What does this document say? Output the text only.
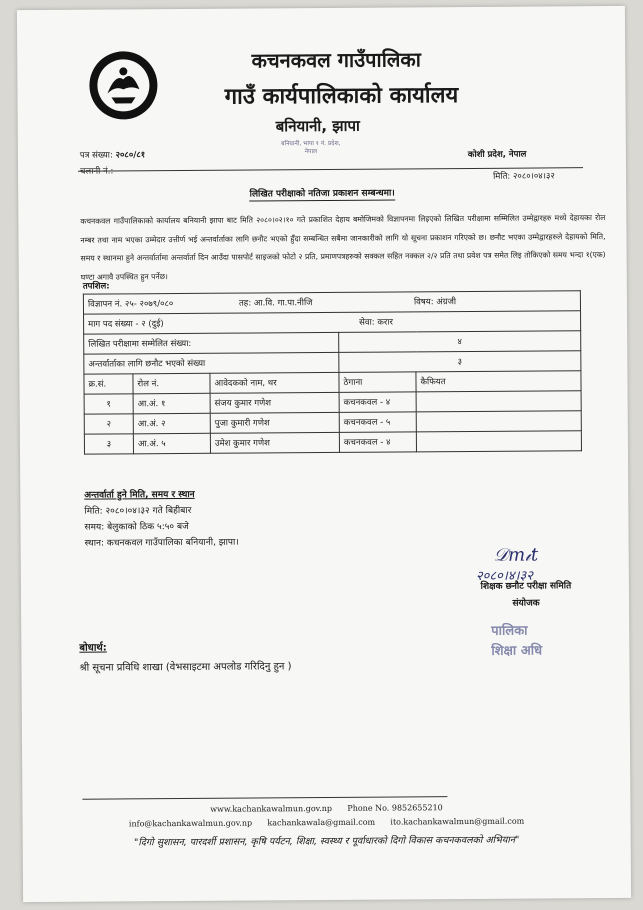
कचनकवल गाउँपालिका
गाउँ कार्यपालिकाको कार्यालय
बनियानी, झापा
बनियानी, भापा १ नं. प्रदेश, नेपाल
पत्र संख्या: २०८०/८१
चलानी नं.:
कोशी प्रदेश, नेपाल
मिति: २०८०।०४।३२
लिखित परीक्षाको नतिजा प्रकाशन सम्बन्धमा।
कचनकवल गाउँपालिकाको कार्यालय बनियानी झापा बाट मिति २०८०।०२।१० गते प्रकाशित देहाय बमोजिमको विज्ञापनमा लिइएको लिखित परीक्षामा सम्मिलित उम्मेद्वारहरु मध्ये देहायका रोल नम्बर तथा नाम भएका उम्मेदार उत्तीर्ण भई अन्तर्वार्ताका लागि छनौट भएको हुँदा सम्बन्धित सबैमा जानकारीको लागि यो सूचना प्रकाशन गरिएको छ। छनौट भएका उम्मेद्वारहरुले देहायको मिति, समय र स्थानमा हुने अन्तर्वार्तामा अन्तर्वार्ता दिन आउँदा पासपोर्ट साइजको फोटो २ प्रति, प्रमाणपत्रहरुको सक्कल सहित नक्कल २/२ प्रति तथा प्रवेश पत्र समेत लिइ तोकिएको समय भन्दा १(एक) घण्टा अगावै उपस्थित हुन पर्नेछ।
तपशिल:
विज्ञापन नं. २५- २०७९/०८० तह: आ.वि. गा.पा.नीजि विषय: अंग्रजी				

माग पद संख्या - २ (दुई) सेवा: करार				

लिखित परीक्षामा सम्मेलित संख्या:			४	
अन्तर्वार्ताका लागि छनौट भएको संख्या			३	
क्र.सं.	रोल नं.	आवेदकको नाम, थर	ठेगाना	कैफियत
१	आ.अं. १	संजय कुमार गणेश	कचनकवल - ४	
२	आ.अं. २	पुजा कुमारी गणेश	कचनकवल - ५	
३	आ.अं. ५	उमेश कुमार गणेश	कचनकवल - ४	
अन्तर्वार्ता हुने मिति, समय र स्थान
मिति: २०८०।०४।३२ गते बिहीबार
समय: बेलुकाको ठिक ५:५० बजे
स्थान: कचनकवल गाउँपालिका बनियानी, झापा।
𝒟m𝒾t
२०८०।४।३२
शिक्षक छनौट परीक्षा समिति
संयोजक
पालिका
शिक्षा अधि
बोधार्थ:
श्री सूचना प्रविधि शाखा (वेभसाइटमा अपलोड गरिदिनु हुन )
www.kachankawalmun.gov.np Phone No. 9852655210
info@kachankawalmun.gov.np kachankawala@gmail.com ito.kachankawalmun@gmail.com
"दिगो सुशासन, पारदर्शी प्रशासन, कृषि पर्यटन, शिक्षा, स्वस्थ्य र पूर्वाधारको दिगो विकास कचनकवलको अभियान"
